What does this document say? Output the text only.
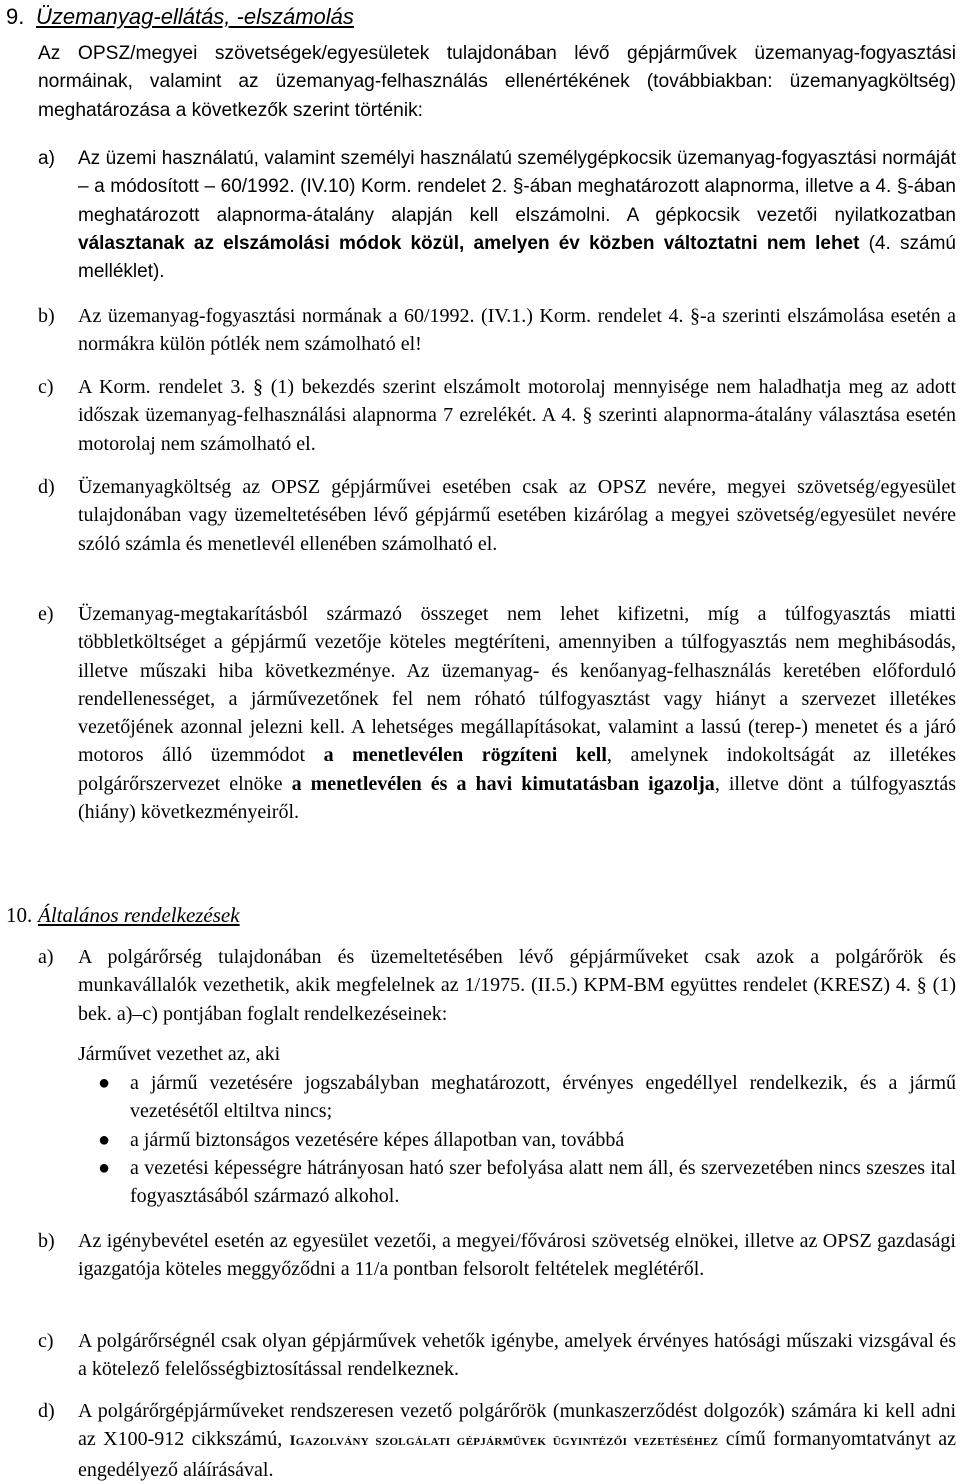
9. Üzemanyag-ellátás, -elszámolás
Az OPSZ/megyei szövetségek/egyesületek tulajdonában lévő gépjárművek üzemanyag-fogyasztási normáinak, valamint az üzemanyag-felhasználás ellenértékének (továbbiakban: üzemanyagköltség) meghatározása a következők szerint történik:
a)	Az üzemi használatú, valamint személyi használatú személygépkocsik üzemanyag-fogyasztási normáját – a módosított – 60/1992. (IV.10) Korm. rendelet 2. §-ában meghatározott alapnorma, illetve a 4. §-ában meghatározott alapnorma-átalány alapján kell elszámolni. A gépkocsik vezetői nyilatkozatban választanak az elszámolási módok közül, amelyen év közben változtatni nem lehet (4. számú melléklet).
b)	Az üzemanyag-fogyasztási normának a 60/1992. (IV.1.) Korm. rendelet 4. §-a szerinti elszámolása esetén a normákra külön pótlék nem számolható el!
c)	A Korm. rendelet 3. § (1) bekezdés szerint elszámolt motorolaj mennyisége nem haladhatja meg az adott időszak üzemanyag-felhasználási alapnorma 7 ezrelékét. A 4. § szerinti alapnorma-átalány választása esetén motorolaj nem számolható el.
d)	Üzemanyagköltség az OPSZ gépjárművei esetében csak az OPSZ nevére, megyei szövetség/egyesület tulajdonában vagy üzemeltetésében lévő gépjármű esetében kizárólag a megyei szövetség/egyesület nevére szóló számla és menetlevél ellenében számolható el.
e)	Üzemanyag-megtakarításból származó összeget nem lehet kifizetni, míg a túlfogyasztás miatti többletköltséget a gépjármű vezetője köteles megtéríteni, amennyiben a túlfogyasztás nem meghibásodás, illetve műszaki hiba következménye. Az üzemanyag- és kenőanyag-felhasználás keretében előforduló rendellenességet, a járművezetőnek fel nem róható túlfogyasztást vagy hiányt a szervezet illetékes vezetőjének azonnal jelezni kell. A lehetséges megállapításokat, valamint a lassú (terep-) menetet és a járó motoros álló üzemmódot a menetlevélen rögzíteni kell, amelynek indokoltságát az illetékes polgárőrszervezet elnöke a menetlevélen és a havi kimutatásban igazolja, illetve dönt a túlfogyasztás (hiány) következményeiről.
10. Általános rendelkezések
a)	A polgárőrség tulajdonában és üzemeltetésében lévő gépjárműveket csak azok a polgárőrök és munkavállalók vezethetik, akik megfelelnek az 1/1975. (II.5.) KPM-BM együttes rendelet (KRESZ) 4. § (1) bek. a)–c) pontjában foglalt rendelkezéseinek:
Járművet vezethet az, aki
● a jármű vezetésére jogszabályban meghatározott, érvényes engedéllyel rendelkezik, és a jármű vezetésétől eltiltva nincs;
● a jármű biztonságos vezetésére képes állapotban van, továbbá
● a vezetési képességre hátrányosan ható szer befolyása alatt nem áll, és szervezetében nincs szeszes ital fogyasztásából származó alkohol.
b)	Az igénybevétel esetén az egyesület vezetői, a megyei/fővárosi szövetség elnökei, illetve az OPSZ gazdasági igazgatója köteles meggyőződni a 11/a pontban felsorolt feltételek meglétéről.
c)	A polgárőrségnél csak olyan gépjárművek vehetők igénybe, amelyek érvényes hatósági műszaki vizsgával és a kötelező felelősségbiztosítással rendelkeznek.
d)	A polgárőrgépjárműveket rendszeresen vezető polgárőrök (munkaszerződést dolgozók) számára ki kell adni az X100-912 cikkszámú, Igazolvány szolgálati gépjárművek ügyintézői vezetéséhez című formanyomtatványt az engedélyező aláírásával.
